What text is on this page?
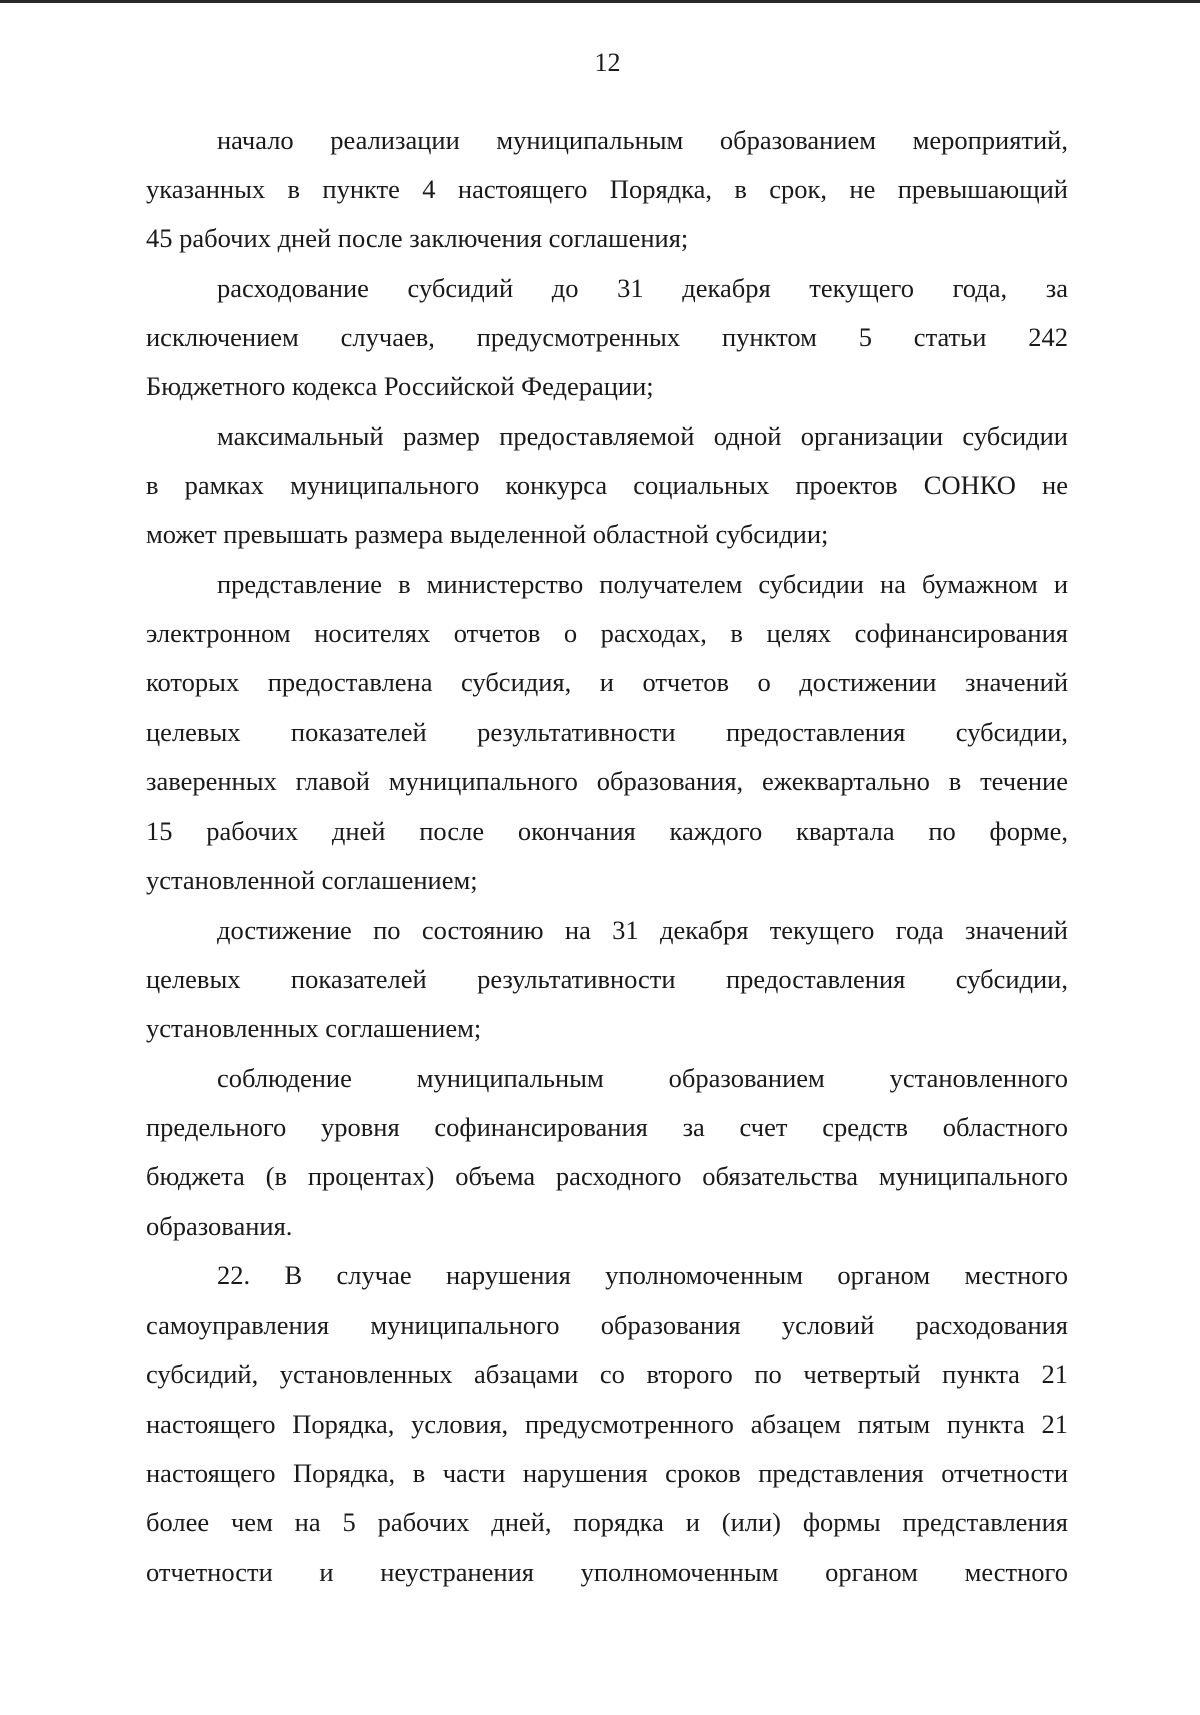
12
начало реализации муниципальным образованием мероприятий,
указанных в пункте 4 настоящего Порядка, в срок, не превышающий
45 рабочих дней после заключения соглашения;
расходование субсидий до 31 декабря текущего года, за
исключением случаев, предусмотренных пунктом 5 статьи 242
Бюджетного кодекса Российской Федерации;
максимальный размер предоставляемой одной организации субсидии
в рамках муниципального конкурса социальных проектов СОНКО не
может превышать размера выделенной областной субсидии;
представление в министерство получателем субсидии на бумажном и
электронном носителях отчетов о расходах, в целях софинансирования
которых предоставлена субсидия, и отчетов о достижении значений
целевых показателей результативности предоставления субсидии,
заверенных главой муниципального образования, ежеквартально в течение
15 рабочих дней после окончания каждого квартала по форме,
установленной соглашением;
достижение по состоянию на 31 декабря текущего года значений
целевых показателей результативности предоставления субсидии,
установленных соглашением;
соблюдение муниципальным образованием установленного
предельного уровня софинансирования за счет средств областного
бюджета (в процентах) объема расходного обязательства муниципального
образования.
22. В случае нарушения уполномоченным органом местного
самоуправления муниципального образования условий расходования
субсидий, установленных абзацами со второго по четвертый пункта 21
настоящего Порядка, условия, предусмотренного абзацем пятым пункта 21
настоящего Порядка, в части нарушения сроков представления отчетности
более чем на 5 рабочих дней, порядка и (или) формы представления
отчетности и неустранения уполномоченным органом местного
